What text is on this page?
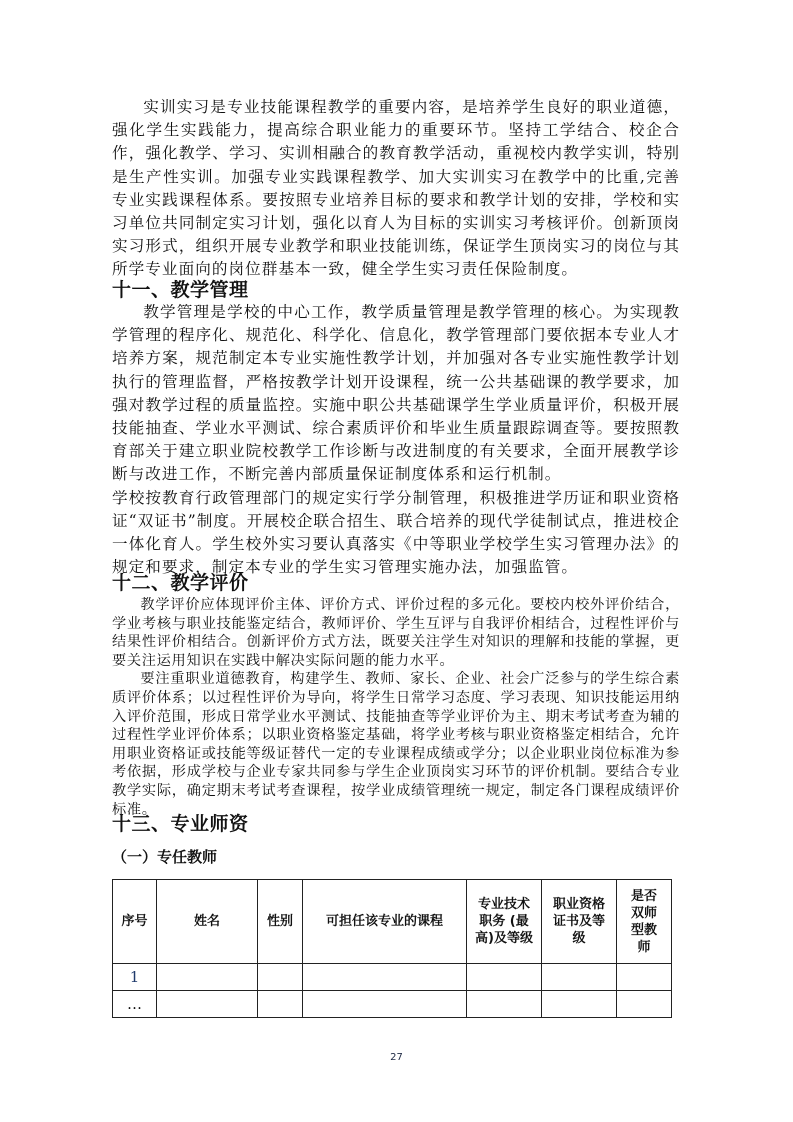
实训实习是专业技能课程教学的重要内容，是培养学生良好的职业道德，强化学生实践能力，提高综合职业能力的重要环节。坚持工学结合、校企合作，强化教学、学习、实训相融合的教育教学活动，重视校内教学实训，特别是生产性实训。加强专业实践课程教学、加大实训实习在教学中的比重,完善专业实践课程体系。要按照专业培养目标的要求和教学计划的安排，学校和实习单位共同制定实习计划，强化以育人为目标的实训实习考核评价。创新顶岗实习形式，组织开展专业教学和职业技能训练，保证学生顶岗实习的岗位与其所学专业面向的岗位群基本一致，健全学生实习责任保险制度。

十一、教学管理

教学管理是学校的中心工作，教学质量管理是教学管理的核心。为实现教学管理的程序化、规范化、科学化、信息化，教学管理部门要依据本专业人才培养方案，规范制定本专业实施性教学计划，并加强对各专业实施性教学计划执行的管理监督，严格按教学计划开设课程，统一公共基础课的教学要求，加强对教学过程的质量监控。实施中职公共基础课学生学业质量评价，积极开展技能抽查、学业水平测试、综合素质评价和毕业生质量跟踪调查等。要按照教育部关于建立职业院校教学工作诊断与改进制度的有关要求，全面开展教学诊断与改进工作，不断完善内部质量保证制度体系和运行机制。

学校按教育行政管理部门的规定实行学分制管理，积极推进学历证和职业资格证“双证书”制度。开展校企联合招生、联合培养的现代学徒制试点，推进校企一体化育人。学生校外实习要认真落实《中等职业学校学生实习管理办法》的规定和要求，制定本专业的学生实习管理实施办法，加强监管。

十二、教学评价

教学评价应体现评价主体、评价方式、评价过程的多元化。要校内校外评价结合，学业考核与职业技能鉴定结合，教师评价、学生互评与自我评价相结合，过程性评价与结果性评价相结合。创新评价方式方法，既要关注学生对知识的理解和技能的掌握，更要关注运用知识在实践中解决实际问题的能力水平。

要注重职业道德教育，构建学生、教师、家长、企业、社会广泛参与的学生综合素质评价体系；以过程性评价为导向，将学生日常学习态度、学习表现、知识技能运用纳入评价范围，形成日常学业水平测试、技能抽查等学业评价为主、期末考试考查为辅的过程性学业评价体系；以职业资格鉴定基础，将学业考核与职业资格鉴定相结合，允许用职业资格证或技能等级证替代一定的专业课程成绩或学分；以企业职业岗位标准为参考依据，形成学校与企业专家共同参与学生企业顶岗实习环节的评价机制。要结合专业教学实际，确定期末考试考查课程，按学业成绩管理统一规定，制定各门课程成绩评价标准。

十三、专业师资
（一）专任教师
序号	姓名	性别	可担任该专业的课程	专业技术职务 (最高)及等级	职业资格证书及等级	是否双师型教师
1						
…						
27
